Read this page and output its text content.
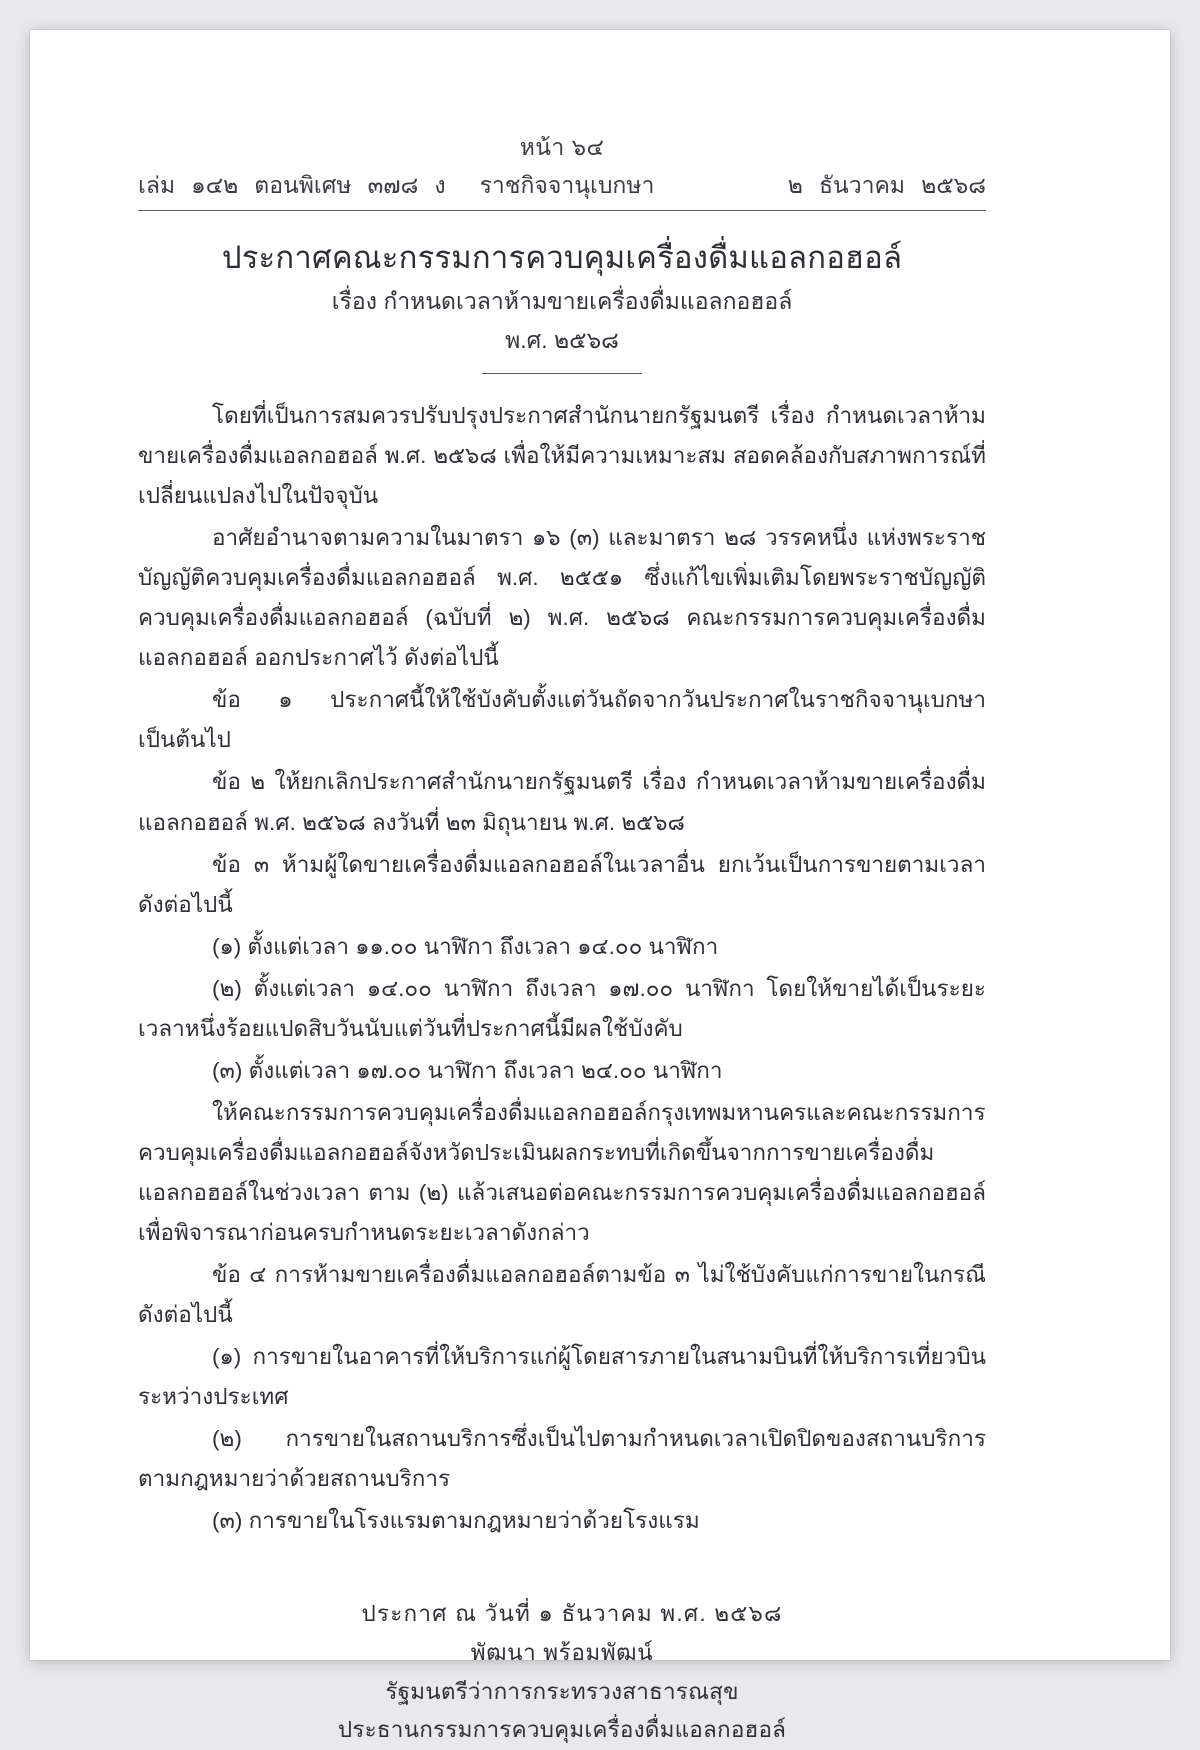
หน้า ๖๔
เล่ม ๑๔๒ ตอนพิเศษ ๓๗๘ ง ราชกิจจานุเบกษา	๒ ธันวาคม ๒๕๖๘
ประกาศคณะกรรมการควบคุมเครื่องดื่มแอลกอฮอล์
เรื่อง กำหนดเวลาห้ามขายเครื่องดื่มแอลกอฮอล์
พ.ศ. ๒๕๖๘

โดยที่เป็นการสมควรปรับปรุงประกาศสำนักนายกรัฐมนตรี เรื่อง กำหนดเวลาห้ามขายเครื่องดื่มแอลกอฮอล์ พ.ศ. ๒๕๖๘ เพื่อให้มีความเหมาะสม สอดคล้องกับสภาพการณ์ที่เปลี่ยนแปลงไปในปัจจุบัน

อาศัยอำนาจตามความในมาตรา ๑๖ (๓) และมาตรา ๒๘ วรรคหนึ่ง แห่งพระราชบัญญัติควบคุมเครื่องดื่มแอลกอฮอล์ พ.ศ. ๒๕๕๑ ซึ่งแก้ไขเพิ่มเติมโดยพระราชบัญญัติควบคุมเครื่องดื่มแอลกอฮอล์ (ฉบับที่ ๒) พ.ศ. ๒๕๖๘ คณะกรรมการควบคุมเครื่องดื่มแอลกอฮอล์ ออกประกาศไว้ ดังต่อไปนี้

ข้อ ๑ ประกาศนี้ให้ใช้บังคับตั้งแต่วันถัดจากวันประกาศในราชกิจจานุเบกษาเป็นต้นไป

ข้อ ๒ ให้ยกเลิกประกาศสำนักนายกรัฐมนตรี เรื่อง กำหนดเวลาห้ามขายเครื่องดื่มแอลกอฮอล์ พ.ศ. ๒๕๖๘ ลงวันที่ ๒๓ มิถุนายน พ.ศ. ๒๕๖๘

ข้อ ๓ ห้ามผู้ใดขายเครื่องดื่มแอลกอฮอล์ในเวลาอื่น ยกเว้นเป็นการขายตามเวลา ดังต่อไปนี้

(๑) ตั้งแต่เวลา ๑๑.๐๐ นาฬิกา ถึงเวลา ๑๔.๐๐ นาฬิกา

(๒) ตั้งแต่เวลา ๑๔.๐๐ นาฬิกา ถึงเวลา ๑๗.๐๐ นาฬิกา โดยให้ขายได้เป็นระยะเวลาหนึ่งร้อยแปดสิบวันนับแต่วันที่ประกาศนี้มีผลใช้บังคับ

(๓) ตั้งแต่เวลา ๑๗.๐๐ นาฬิกา ถึงเวลา ๒๔.๐๐ นาฬิกา

ให้คณะกรรมการควบคุมเครื่องดื่มแอลกอฮอล์กรุงเทพมหานครและคณะกรรมการควบคุมเครื่องดื่มแอลกอฮอล์จังหวัดประเมินผลกระทบที่เกิดขึ้นจากการขายเครื่องดื่มแอลกอฮอล์ในช่วงเวลา ตาม (๒) แล้วเสนอต่อคณะกรรมการควบคุมเครื่องดื่มแอลกอฮอล์เพื่อพิจารณาก่อนครบกำหนดระยะเวลาดังกล่าว

ข้อ ๔ การห้ามขายเครื่องดื่มแอลกอฮอล์ตามข้อ ๓ ไม่ใช้บังคับแก่การขายในกรณี ดังต่อไปนี้

(๑) การขายในอาคารที่ให้บริการแก่ผู้โดยสารภายในสนามบินที่ให้บริการเที่ยวบินระหว่างประเทศ

(๒) การขายในสถานบริการซึ่งเป็นไปตามกำหนดเวลาเปิดปิดของสถานบริการตามกฎหมายว่าด้วยสถานบริการ

(๓) การขายในโรงแรมตามกฎหมายว่าด้วยโรงแรม

ประกาศ ณ วันที่ ๑ ธันวาคม พ.ศ. ๒๕๖๘
พัฒนา พร้อมพัฒน์
รัฐมนตรีว่าการกระทรวงสาธารณสุข
ประธานกรรมการควบคุมเครื่องดื่มแอลกอฮอล์
